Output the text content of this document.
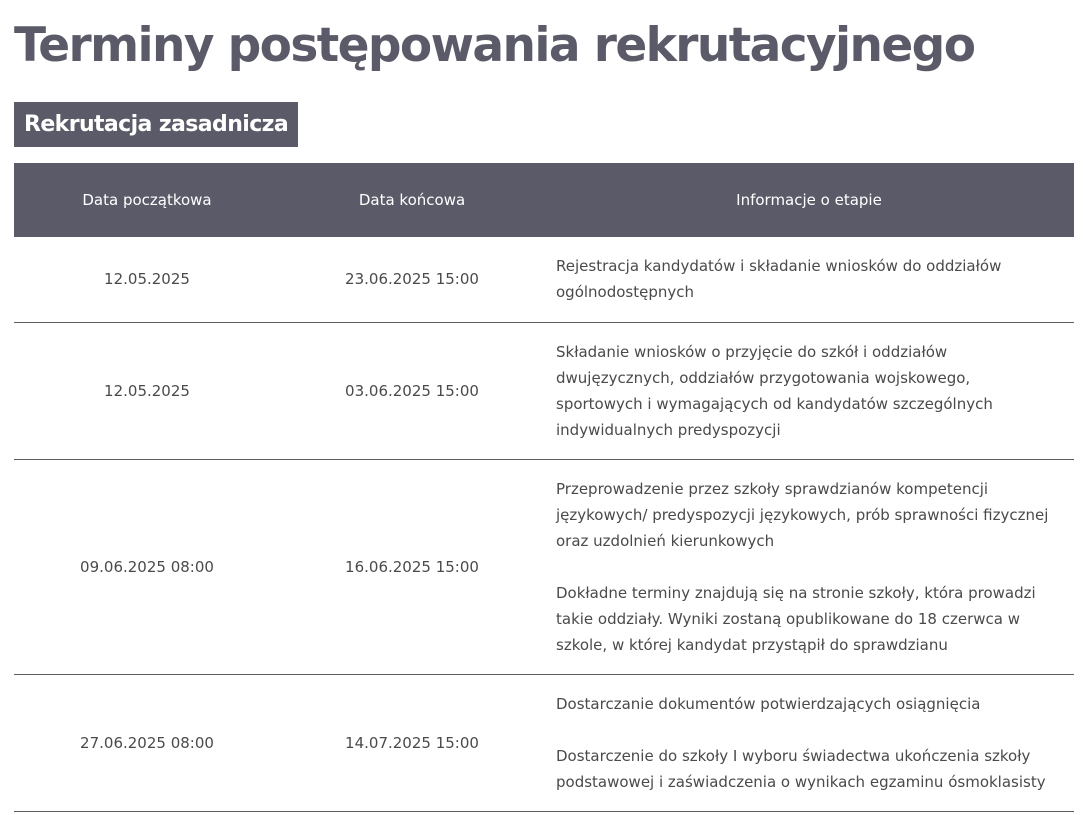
Terminy postępowania rekrutacyjnego
Rekrutacja zasadnicza
Data początkowa	Data końcowa	Informacje o etapie
12.05.2025	23.06.2025 15:00	Rejestracja kandydatów i składanie wniosków do oddziałów ogólnodostępnych

12.05.2025	03.06.2025 15:00	Składanie wniosków o przyjęcie do szkół i oddziałów dwujęzycznych, oddziałów przygotowania wojskowego, sportowych i wymagających od kandydatów szczególnych indywidualnych predyspozycji

09.06.2025 08:00	16.06.2025 15:00	Przeprowadzenie przez szkoły sprawdzianów kompetencji językowych/ predyspozycji językowych, prób sprawności fizycznej oraz uzdolnień kierunkowych

Dokładne terminy znajdują się na stronie szkoły, która prowadzi takie oddziały. Wyniki zostaną opublikowane do 18 czerwca w szkole, w której kandydat przystąpił do sprawdzianu

27.06.2025 08:00	14.07.2025 15:00	Dostarczanie dokumentów potwierdzających osiągnięcia

Dostarczenie do szkoły I wyboru świadectwa ukończenia szkoły podstawowej i zaświadczenia o wynikach egzaminu ósmoklasisty
